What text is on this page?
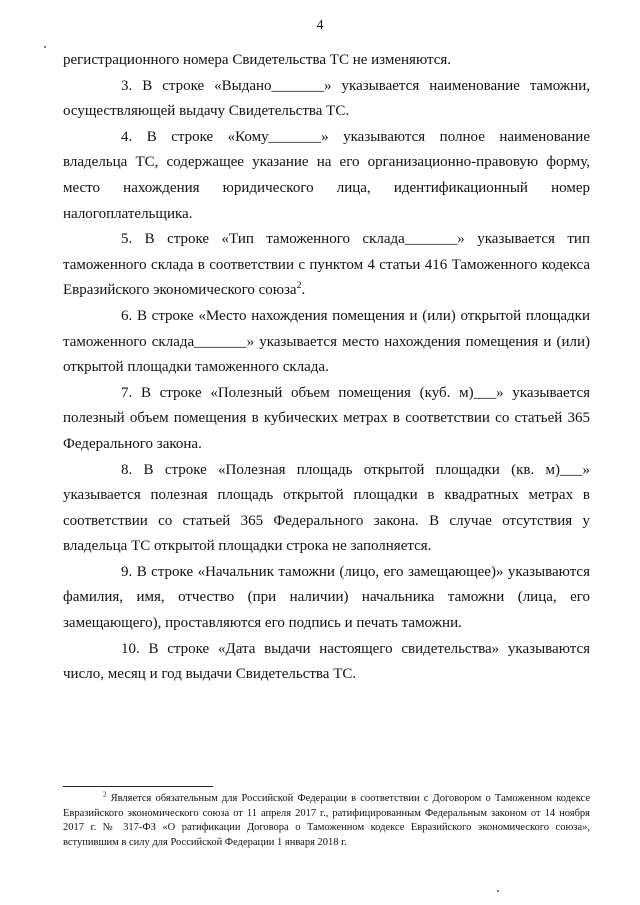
4

регистрационного номера Свидетельства ТС не изменяются.

3. В строке «Выдано_______» указывается наименование таможни, осуществляющей выдачу Свидетельства ТС.

4. В строке «Кому_______» указываются полное наименование владельца ТС, содержащее указание на его организационно-правовую форму, место нахождения юридического лица, идентификационный номер налогоплательщика.

5. В строке «Тип таможенного склада_______» указывается тип таможенного склада в соответствии с пунктом 4 статьи 416 Таможенного кодекса Евразийского экономического союза$^2$.

6. В строке «Место нахождения помещения и (или) открытой площадки таможенного склада_______» указывается место нахождения помещения и (или) открытой площадки таможенного склада.

7. В строке «Полезный объем помещения (куб. м)___» указывается полезный объем помещения в кубических метрах в соответствии со статьей 365 Федерального закона.

8. В строке «Полезная площадь открытой площадки (кв. м)___» указывается полезная площадь открытой площадки в квадратных метрах в соответствии со статьей 365 Федерального закона. В случае отсутствия у владельца ТС открытой площадки строка не заполняется.

9. В строке «Начальник таможни (лицо, его замещающее)» указываются фамилия, имя, отчество (при наличии) начальника таможни (лица, его замещающего), проставляются его подпись и печать таможни.

10. В строке «Дата выдачи настоящего свидетельства» указываются число, месяц и год выдачи Свидетельства ТС.

$^2$ Является обязательным для Российской Федерации в соответствии с Договором о Таможенном кодексе Евразийского экономического союза от 11 апреля 2017 г., ратифицированным Федеральным законом от 14 ноября 2017 г. № 317-ФЗ «О ратификации Договора о Таможенном кодексе Евразийского экономического союза», вступившим в силу для Российской Федерации 1 января 2018 г.
